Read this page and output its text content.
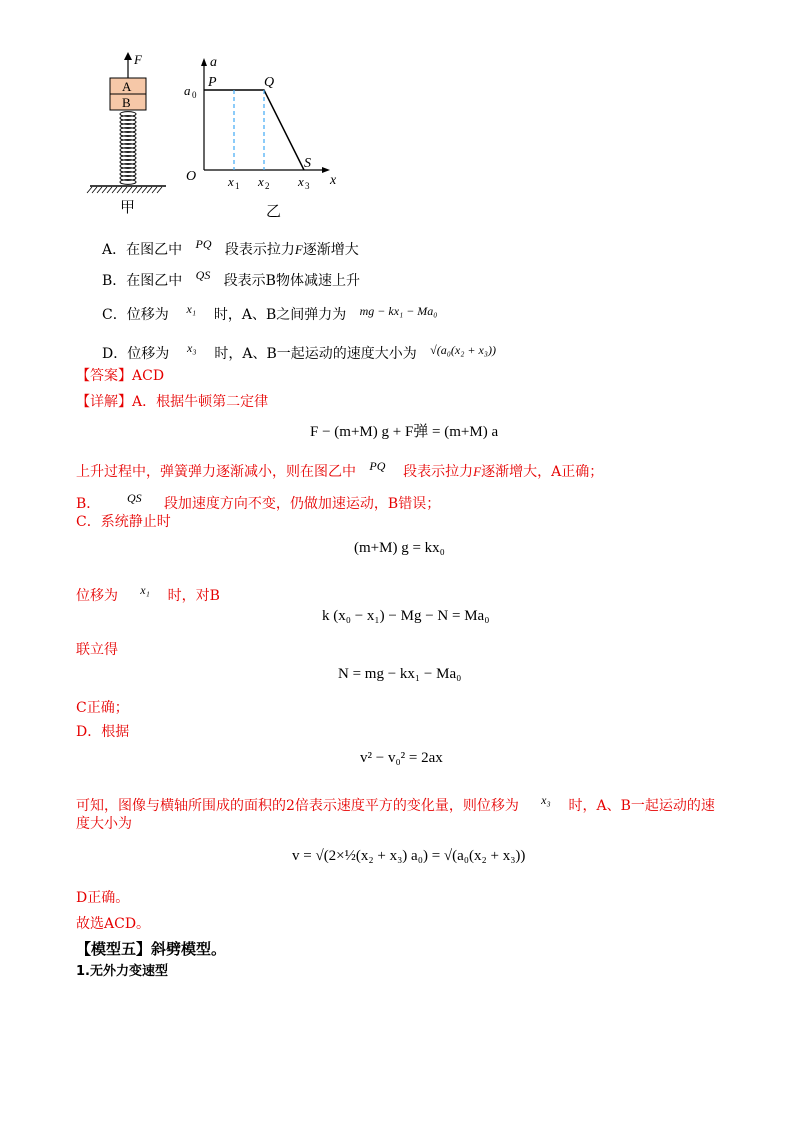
F
A
B
甲
a
x
O
a 0
P	Q
S
x 1 x 2 x 3
乙
A．在图乙中 PQ 段表示拉力F逐渐增大
B．在图乙中 QS 段表示B物体减速上升
C．位移为 x₁ 时，A、B之间弹力为 mg − kx₁ − Ma₀
D．位移为 x₃ 时，A、B一起运动的速度大小为 √(a₀(x₂ + x₃))
【答案】ACD
【详解】A．根据牛顿第二定律
F − (m+M) g + F弹 = (m+M) a
上升过程中，弹簧弹力逐渐减小，则在图乙中 PQ 段表示拉力F逐渐增大，A正确；
B． QS 段加速度方向不变，仍做加速运动，B错误；
C．系统静止时
(m+M) g = kx₀
位移为 x₁ 时，对B
k (x₀ − x₁) − Mg − N = Ma₀
联立得
N = mg − kx₁ − Ma₀
C正确；
D．根据
v² − v₀² = 2ax
可知，图像与横轴所围成的面积的2倍表示速度平方的变化量，则位移为 x₃ 时，A、B一起运动的速
度大小为
v = √(2×½(x₂ + x₃) a₀) = √(a₀(x₂ + x₃))
D正确。
故选ACD。
【模型五】斜劈模型。
1.无外力变速型
